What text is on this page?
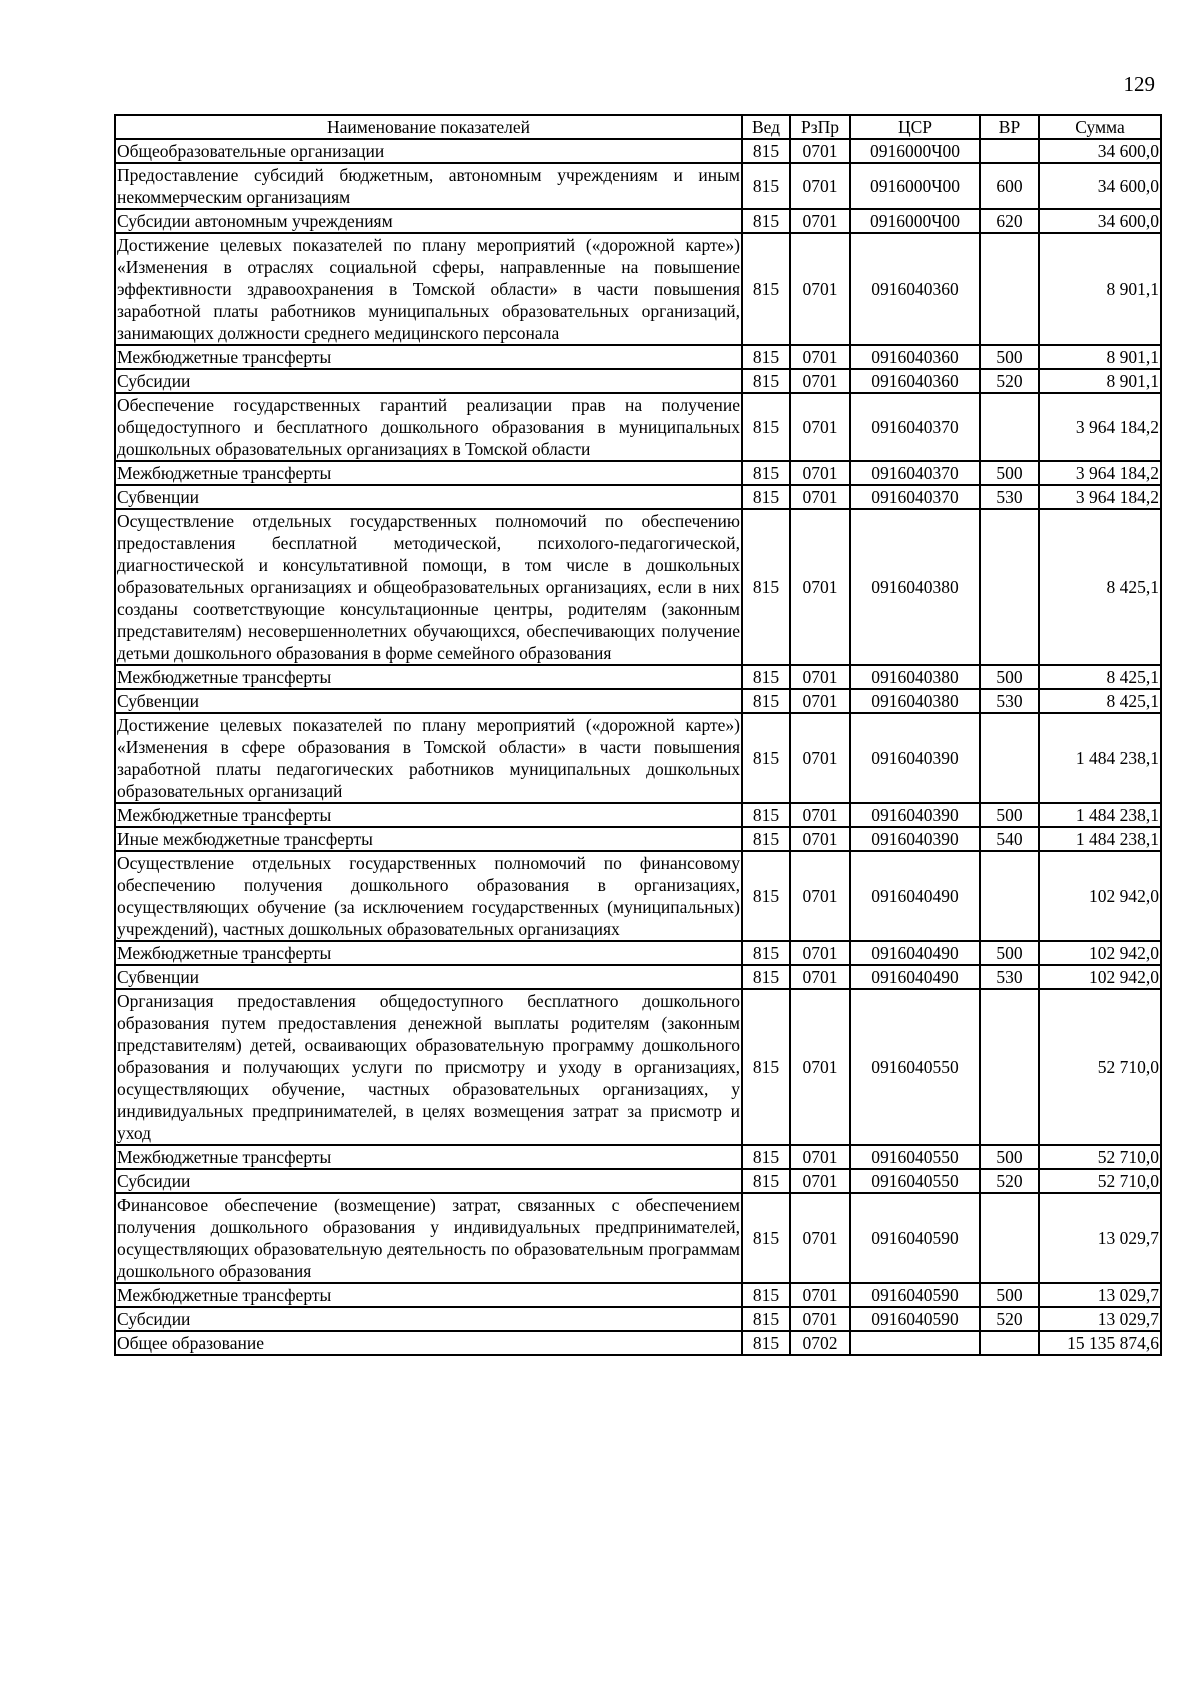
129
Наименование показателей	Вед	РзПр	ЦСР	ВР	Сумма
Общеобразовательные организации	815	0701	0916000Ч00		34 600,0
Предоставление субсидий бюджетным, автономным учреждениям и иным некоммерческим организациям	815	0701	0916000Ч00	600	34 600,0
Субсидии автономным учреждениям	815	0701	0916000Ч00	620	34 600,0
Достижение целевых показателей по плану мероприятий («дорожной карте») «Изменения в отраслях социальной сферы, направленные на повышение эффективности здравоохранения в Томской области» в части повышения заработной платы работников муниципальных образовательных организаций, занимающих должности среднего медицинского персонала	815	0701	0916040360		8 901,1
Межбюджетные трансферты	815	0701	0916040360	500	8 901,1
Субсидии	815	0701	0916040360	520	8 901,1
Обеспечение государственных гарантий реализации прав на получение общедоступного и бесплатного дошкольного образования в муниципальных дошкольных образовательных организациях в Томской области	815	0701	0916040370		3 964 184,2
Межбюджетные трансферты	815	0701	0916040370	500	3 964 184,2
Субвенции	815	0701	0916040370	530	3 964 184,2
Осуществление отдельных государственных полномочий по обеспечению предоставления бесплатной методической, психолого-педагогической, диагностической и консультативной помощи, в том числе в дошкольных образовательных организациях и общеобразовательных организациях, если в них созданы соответствующие консультационные центры, родителям (законным представителям) несовершеннолетних обучающихся, обеспечивающих получение детьми дошкольного образования в форме семейного образования	815	0701	0916040380		8 425,1
Межбюджетные трансферты	815	0701	0916040380	500	8 425,1
Субвенции	815	0701	0916040380	530	8 425,1
Достижение целевых показателей по плану мероприятий («дорожной карте») «Изменения в сфере образования в Томской области» в части повышения заработной платы педагогических работников муниципальных дошкольных образовательных организаций	815	0701	0916040390		1 484 238,1
Межбюджетные трансферты	815	0701	0916040390	500	1 484 238,1
Иные межбюджетные трансферты	815	0701	0916040390	540	1 484 238,1
Осуществление отдельных государственных полномочий по финансовому обеспечению получения дошкольного образования в организациях, осуществляющих обучение (за исключением государственных (муниципальных) учреждений), частных дошкольных образовательных организациях	815	0701	0916040490		102 942,0
Межбюджетные трансферты	815	0701	0916040490	500	102 942,0
Субвенции	815	0701	0916040490	530	102 942,0
Организация предоставления общедоступного бесплатного дошкольного образования путем предоставления денежной выплаты родителям (законным представителям) детей, осваивающих образовательную программу дошкольного образования и получающих услуги по присмотру и уходу в организациях, осуществляющих обучение, частных образовательных организациях, у индивидуальных предпринимателей, в целях возмещения затрат за присмотр и уход	815	0701	0916040550		52 710,0
Межбюджетные трансферты	815	0701	0916040550	500	52 710,0
Субсидии	815	0701	0916040550	520	52 710,0
Финансовое обеспечение (возмещение) затрат, связанных с обеспечением получения дошкольного образования у индивидуальных предпринимателей, осуществляющих образовательную деятельность по образовательным программам дошкольного образования	815	0701	0916040590		13 029,7
Межбюджетные трансферты	815	0701	0916040590	500	13 029,7
Субсидии	815	0701	0916040590	520	13 029,7
Общее образование	815	0702			15 135 874,6
